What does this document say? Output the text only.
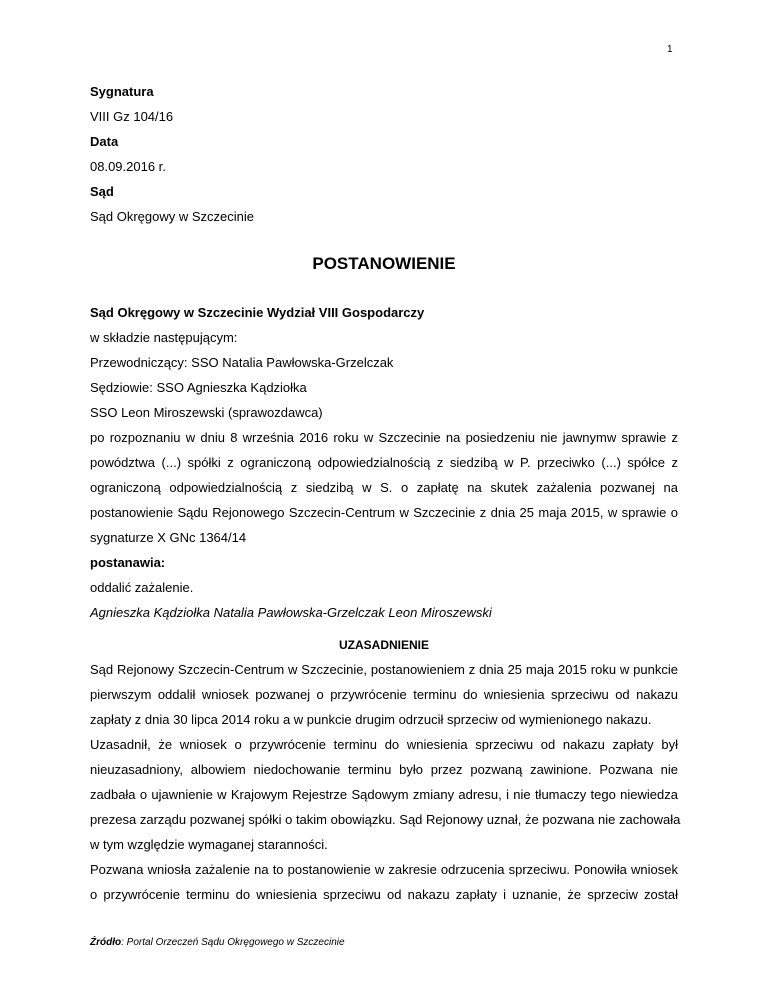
1
Sygnatura
VIII Gz 104/16
Data
08.09.2016 r.
Sąd
Sąd Okręgowy w Szczecinie
POSTANOWIENIE
Sąd Okręgowy w Szczecinie Wydział VIII Gospodarczy
w składzie następującym:
Przewodniczący: SSO Natalia Pawłowska-Grzelczak
Sędziowie: SSO Agnieszka Kądziołka
SSO Leon Miroszewski (sprawozdawca)
po rozpoznaniu w dniu 8 września 2016 roku w Szczecinie na posiedzeniu nie jawnymw sprawie z
powództwa (...) spółki z ograniczoną odpowiedzialnością z siedzibą w P. przeciwko (...) spółce z
ograniczoną odpowiedzialnością z siedzibą w S. o zapłatę na skutek zażalenia pozwanej na
postanowienie Sądu Rejonowego Szczecin-Centrum w Szczecinie z dnia 25 maja 2015, w sprawie o
sygnaturze X GNc 1364/14
postanawia:
oddalić zażalenie.
Agnieszka Kądziołka Natalia Pawłowska-Grzelczak Leon Miroszewski
UZASADNIENIE
Sąd Rejonowy Szczecin-Centrum w Szczecinie, postanowieniem z dnia 25 maja 2015 roku w punkcie
pierwszym oddalił wniosek pozwanej o przywrócenie terminu do wniesienia sprzeciwu od nakazu
zapłaty z dnia 30 lipca 2014 roku a w punkcie drugim odrzucił sprzeciw od wymienionego nakazu.
Uzasadnił, że wniosek o przywrócenie terminu do wniesienia sprzeciwu od nakazu zapłaty był
nieuzasadniony, albowiem niedochowanie terminu było przez pozwaną zawinione. Pozwana nie
zadbała o ujawnienie w Krajowym Rejestrze Sądowym zmiany adresu, i nie tłumaczy tego niewiedza
prezesa zarządu pozwanej spółki o takim obowiązku. Sąd Rejonowy uznał, że pozwana nie zachowała
w tym względzie wymaganej staranności.
Pozwana wniosła zażalenie na to postanowienie w zakresie odrzucenia sprzeciwu. Ponowiła wniosek
o przywrócenie terminu do wniesienia sprzeciwu od nakazu zapłaty i uznanie, że sprzeciw został
Źródło: Portal Orzeczeń Sądu Okręgowego w Szczecinie
